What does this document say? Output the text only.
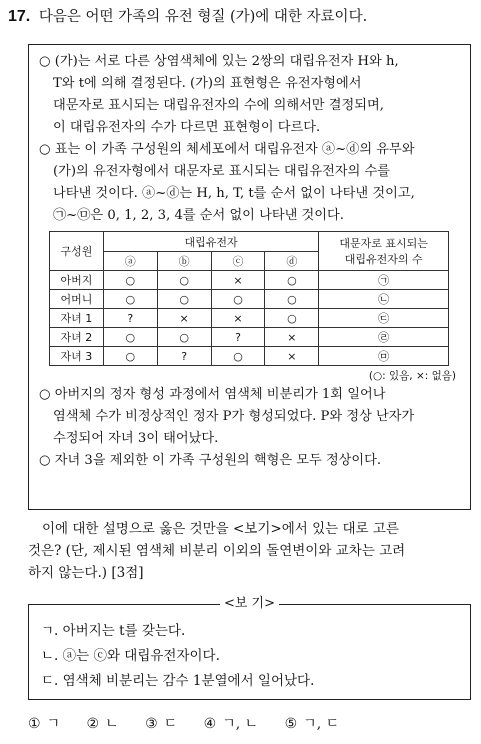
17. 다음은 어떤 가족의 유전 형질 (가)에 대한 자료이다.
○ (가)는 서로 다른 상염색체에 있는 2쌍의 대립유전자 H와 h,
T와 t에 의해 결정된다. (가)의 표현형은 유전자형에서
대문자로 표시되는 대립유전자의 수에 의해서만 결정되며,
이 대립유전자의 수가 다르면 표현형이 다르다.
○ 표는 이 가족 구성원의 체세포에서 대립유전자 ⓐ~ⓓ의 유무와
(가)의 유전자형에서 대문자로 표시되는 대립유전자의 수를
나타낸 것이다. ⓐ~ⓓ는 H, h, T, t를 순서 없이 나타낸 것이고,
㉠~㉤은 0, 1, 2, 3, 4를 순서 없이 나타낸 것이다.
구성원	대립유전자				대문자로 표시되는
대립유전자의 수

	ⓐ	ⓑ	ⓒ	ⓓ	
아버지	○	○	×	○	㉠
어머니	○	○	○	○	㉡
자녀 1	?	×	×	○	㉢
자녀 2	○	○	?	×	㉣
자녀 3	○	?	○	×	㉤
(○: 있음, ×: 없음)
○ 아버지의 정자 형성 과정에서 염색체 비분리가 1회 일어나
염색체 수가 비정상적인 정자 P가 형성되었다. P와 정상 난자가
수정되어 자녀 3이 태어났다.
○ 자녀 3을 제외한 이 가족 구성원의 핵형은 모두 정상이다.
이에 대한 설명으로 옳은 것만을 <보기>에서 있는 대로 고른
것은? (단, 제시된 염색체 비분리 이외의 돌연변이와 교차는 고려
하지 않는다.) [3점]
<보 기>
ㄱ. 아버지는 t를 갖는다.
ㄴ. ⓐ는 ⓒ와 대립유전자이다.
ㄷ. 염색체 비분리는 감수 1분열에서 일어났다.
① ㄱ ② ㄴ ③ ㄷ ④ ㄱ, ㄴ ⑤ ㄱ, ㄷ
